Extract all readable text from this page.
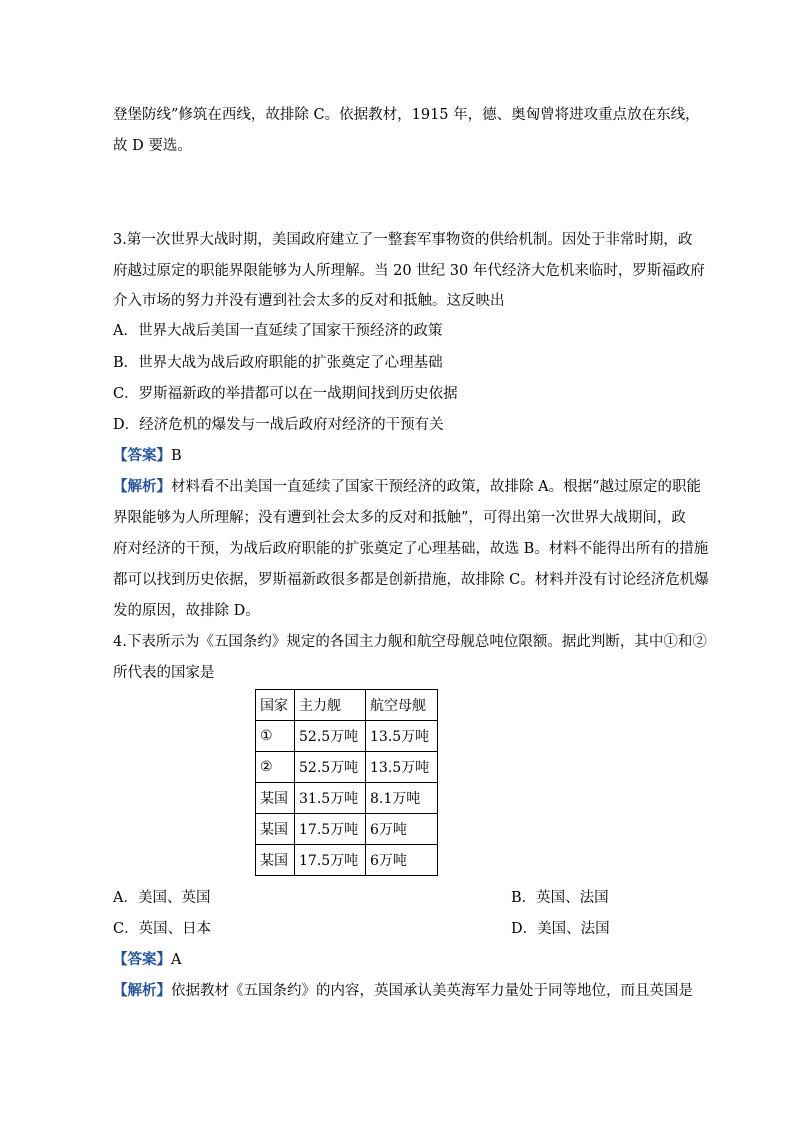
登堡防线”修筑在西线，故排除 C。依据教材，1915 年，德、奥匈曾将进攻重点放在东线，
故 D 要选。
3.第一次世界大战时期，美国政府建立了一整套军事物资的供给机制。因处于非常时期，政
府越过原定的职能界限能够为人所理解。当 20 世纪 30 年代经济大危机来临时，罗斯福政府
介入市场的努力并没有遭到社会太多的反对和抵触。这反映出
A．世界大战后美国一直延续了国家干预经济的政策
B．世界大战为战后政府职能的扩张奠定了心理基础
C．罗斯福新政的举措都可以在一战期间找到历史依据
D．经济危机的爆发与一战后政府对经济的干预有关
【答案】B
【解析】材料看不出美国一直延续了国家干预经济的政策，故排除 A。根据“越过原定的职能
界限能够为人所理解；没有遭到社会太多的反对和抵触”，可得出第一次世界大战期间，政
府对经济的干预，为战后政府职能的扩张奠定了心理基础，故选 B。材料不能得出所有的措施
都可以找到历史依据，罗斯福新政很多都是创新措施，故排除 C。材料并没有讨论经济危机爆
发的原因，故排除 D。
4.下表所示为《五国条约》规定的各国主力舰和航空母舰总吨位限额。据此判断，其中①和②
所代表的国家是
国家	主力舰	航空母舰
①	52.5万吨	13.5万吨
②	52.5万吨	13.5万吨
某国	31.5万吨	8.1万吨
某国	17.5万吨	6万吨
某国	17.5万吨	6万吨
A．美国、英国	B．英国、法国
C．英国、日本	D．美国、法国
【答案】A
【解析】依据教材《五国条约》的内容，英国承认美英海军力量处于同等地位，而且英国是
